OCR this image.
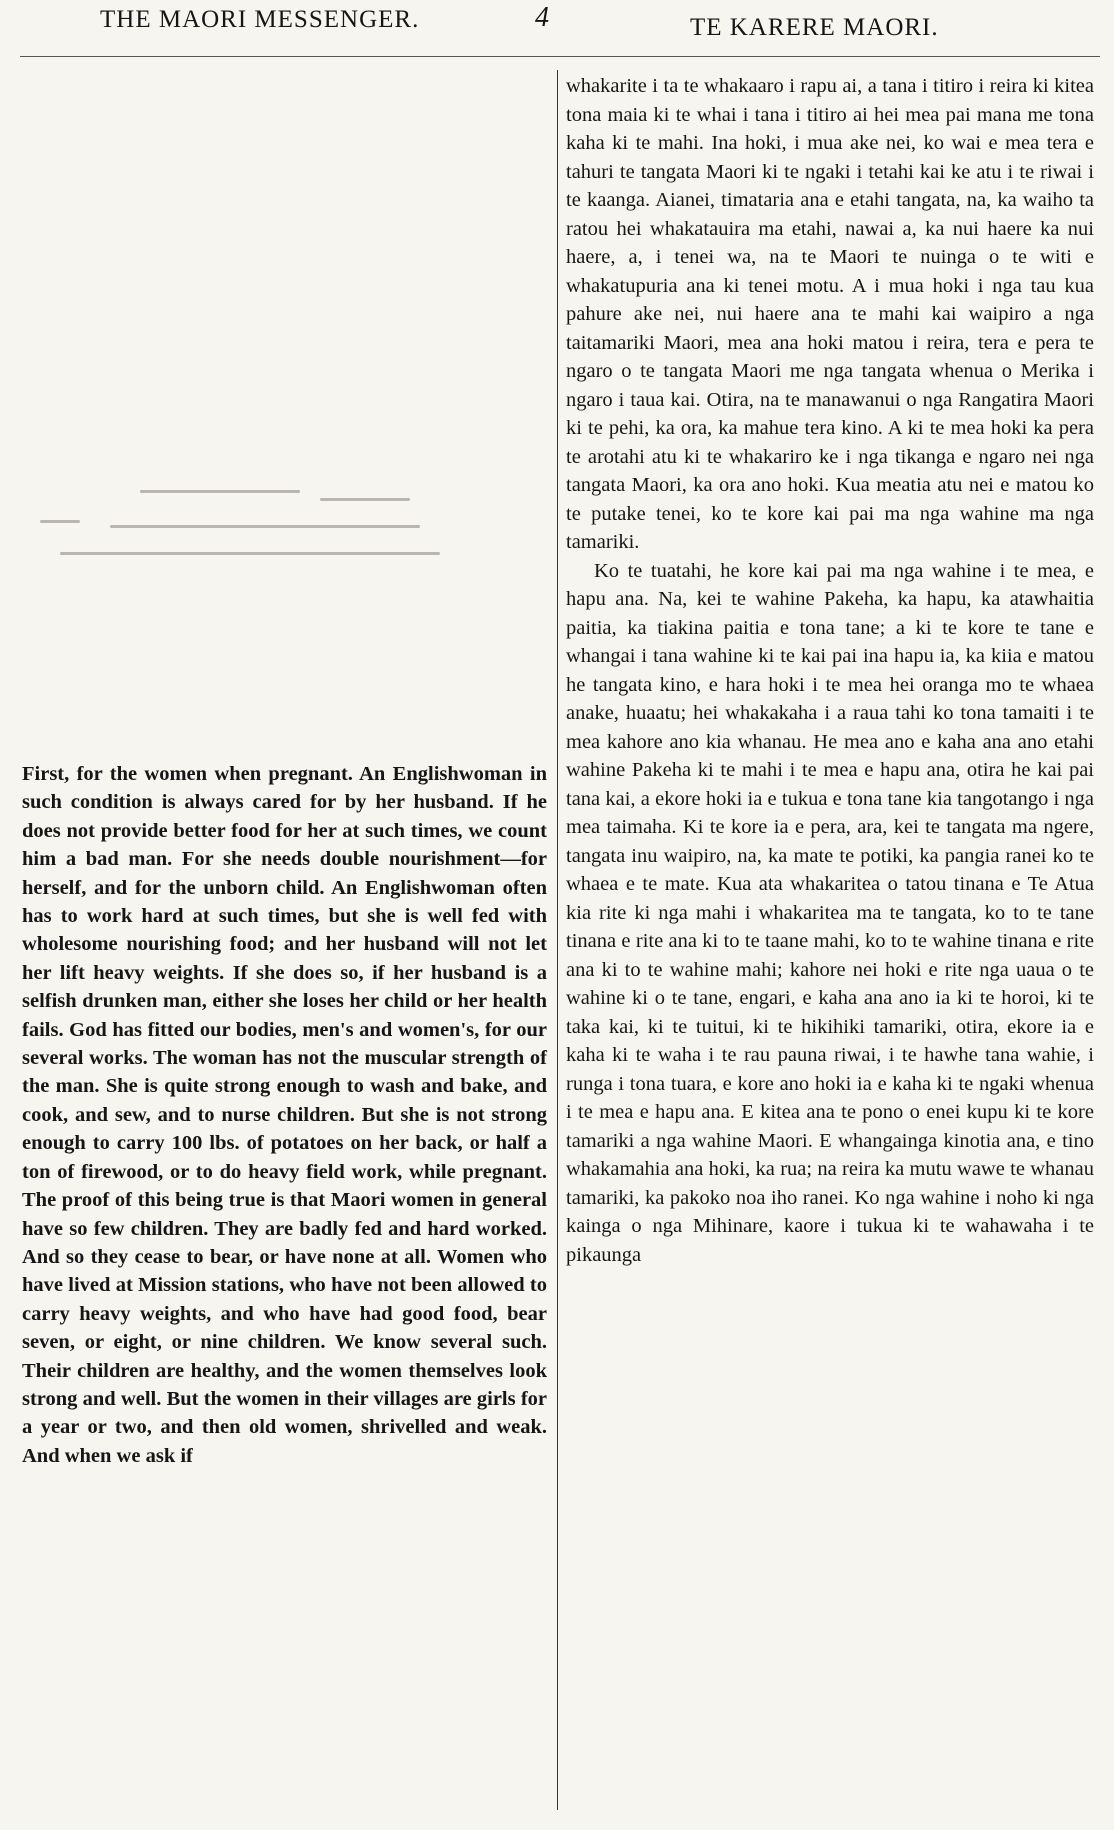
THE MAORI MESSENGER.	4	TE KARERE MAORI.

First, for the women when pregnant. An Englishwoman in such condition is always cared for by her husband. If he does not provide better food for her at such times, we count him a bad man. For she needs double nourishment—for herself, and for the unborn child. An Englishwoman often has to work hard at such times, but she is well fed with wholesome nourishing food; and her husband will not let her lift heavy weights. If she does so, if her husband is a selfish drunken man, either she loses her child or her health fails. God has fitted our bodies, men's and women's, for our several works. The woman has not the muscular strength of the man. She is quite strong enough to wash and bake, and cook, and sew, and to nurse children. But she is not strong enough to carry 100 lbs. of potatoes on her back, or half a ton of firewood, or to do heavy field work, while pregnant. The proof of this being true is that Maori women in general have so few children. They are badly fed and hard worked. And so they cease to bear, or have none at all. Women who have lived at Mission stations, who have not been allowed to carry heavy weights, and who have had good food, bear seven, or eight, or nine children. We know several such. Their children are healthy, and the women themselves look strong and well. But the women in their villages are girls for a year or two, and then old women, shrivelled and weak. And when we ask if

whakarite i ta te whakaaro i rapu ai, a tana i titiro i reira ki kitea tona maia ki te whai i tana i titiro ai hei mea pai mana me tona kaha ki te mahi. Ina hoki, i mua ake nei, ko wai e mea tera e tahuri te tangata Maori ki te ngaki i tetahi kai ke atu i te riwai i te kaanga. Aianei, timataria ana e etahi tangata, na, ka waiho ta ratou hei whakatauira ma etahi, nawai a, ka nui haere ka nui haere, a, i tenei wa, na te Maori te nuinga o te witi e whakatupuria ana ki tenei motu. A i mua hoki i nga tau kua pahure ake nei, nui haere ana te mahi kai waipiro a nga taitamariki Maori, mea ana hoki matou i reira, tera e pera te ngaro o te tangata Maori me nga tangata whenua o Merika i ngaro i taua kai. Otira, na te manawanui o nga Rangatira Maori ki te pehi, ka ora, ka mahue tera kino. A ki te mea hoki ka pera te arotahi atu ki te whakariro ke i nga tikanga e ngaro nei nga tangata Maori, ka ora ano hoki. Kua meatia atu nei e matou ko te putake tenei, ko te kore kai pai ma nga wahine ma nga tamariki.

Ko te tuatahi, he kore kai pai ma nga wahine i te mea, e hapu ana. Na, kei te wahine Pakeha, ka hapu, ka atawhaitia paitia, ka tiakina paitia e tona tane; a ki te kore te tane e whangai i tana wahine ki te kai pai ina hapu ia, ka kiia e matou he tangata kino, e hara hoki i te mea hei oranga mo te whaea anake, huaatu; hei whakakaha i a raua tahi ko tona tamaiti i te mea kahore ano kia whanau. He mea ano e kaha ana ano etahi wahine Pakeha ki te mahi i te mea e hapu ana, otira he kai pai tana kai, a ekore hoki ia e tukua e tona tane kia tangotango i nga mea taimaha. Ki te kore ia e pera, ara, kei te tangata ma ngere, tangata inu waipiro, na, ka mate te potiki, ka pangia ranei ko te whaea e te mate. Kua ata whakaritea o tatou tinana e Te Atua kia rite ki nga mahi i whakaritea ma te tangata, ko to te tane tinana e rite ana ki to te taane mahi, ko to te wahine tinana e rite ana ki to te wahine mahi; kahore nei hoki e rite nga uaua o te wahine ki o te tane, engari, e kaha ana ano ia ki te horoi, ki te taka kai, ki te tuitui, ki te hikihiki tamariki, otira, ekore ia e kaha ki te waha i te rau pauna riwai, i te hawhe tana wahie, i runga i tona tuara, e kore ano hoki ia e kaha ki te ngaki whenua i te mea e hapu ana. E kitea ana te pono o enei kupu ki te kore tamariki a nga wahine Maori. E whangainga kinotia ana, e tino whakamahia ana hoki, ka rua; na reira ka mutu wawe te whanau tamariki, ka pakoko noa iho ranei. Ko nga wahine i noho ki nga kainga o nga Mihinare, kaore i tukua ki te wahawaha i te pikaunga
